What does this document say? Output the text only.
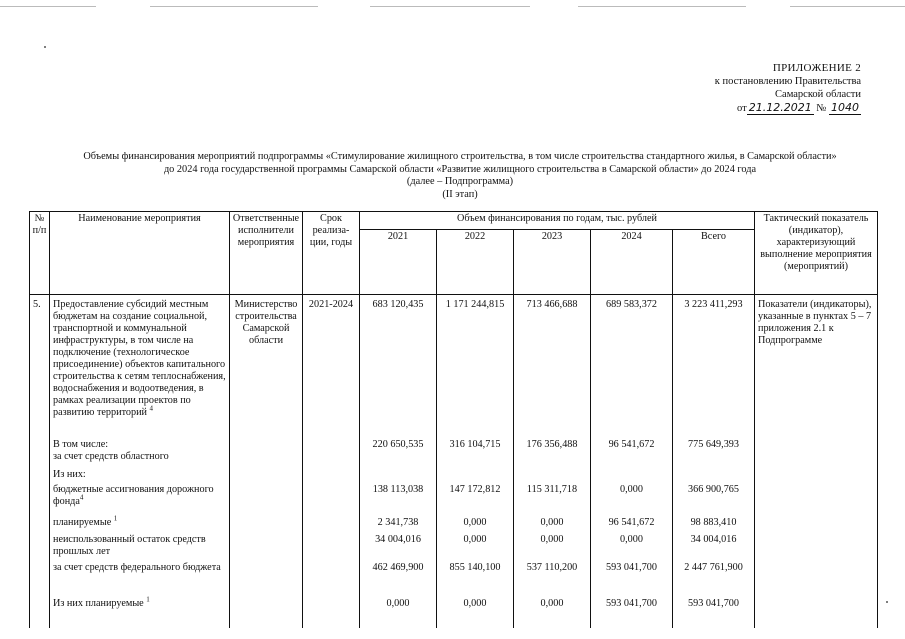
ПРИЛОЖЕНИЕ 2
к постановлению Правительства
Самарской области
от 21.12.2021 № 1040
Объемы финансирования мероприятий подпрограммы «Стимулирование жилищного строительства, в том числе строительства стандартного жилья, в Самарской области»
до 2024 года государственной программы Самарской области «Развитие жилищного строительства в Самарской области» до 2024 года
(далее – Подпрограмма)
(II этап)
№ п/п	Наименование мероприятия	Ответственные исполнители мероприятия	Срок реализа-ции, годы	Объем финансирования по годам, тыс. рублей					Тактический показатель (индикатор), характеризующий выполнение мероприятия (мероприятий)
				2021	2022	2023	2024	Всего	
5.	Предоставление субсидий местным бюджетам на создание социальной, транспортной и коммунальной инфраструктуры, в том числе на подключение (технологическое присоединение) объектов капитального строительства к сетям теплоснабжения, водоснабжения и водоотведения, в рамках реализации проектов по развитию территорий $^4$	Министерство строительства Самарской области	2021-2024	683 120,435	1 171 244,815	713 466,688	689 583,372	3 223 411,293	Показатели (индикаторы), указанные в пунктах 5 – 7 приложения 2.1 к Подпрограмме

	В том числе:
за счет средств областного			220 650,535	316 104,715	176 356,488	96 541,672	775 649,393	
	Из них:								
	бюджетные ассигнования дорожного фонда$^4$			138 113,038	147 172,812	115 311,718	0,000	366 900,765	
	планируемые $^1$			2 341,738	0,000	0,000	96 541,672	98 883,410	
	неиспользованный остаток средств прошлых лет			34 004,016	0,000	0,000	0,000	34 004,016	
	за счет средств федерального бюджета			462 469,900	855 140,100	537 110,200	593 041,700	2 447 761,900	
	Из них планируемые $^1$			0,000	0,000	0,000	593 041,700	593 041,700	
